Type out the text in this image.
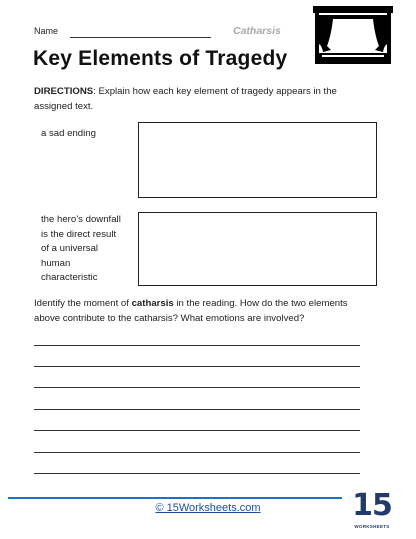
Name	Catharsis
Key Elements of Tragedy

DIRECTIONS: Explain how each key element of tragedy appears in the assigned text.

a sad ending

the hero’s downfall is the direct result of a universal human characteristic

Identify the moment of catharsis in the reading. How do the two elements above contribute to the catharsis? What emotions are involved?

© 15Worksheets.com	15
WORKSHEETS
